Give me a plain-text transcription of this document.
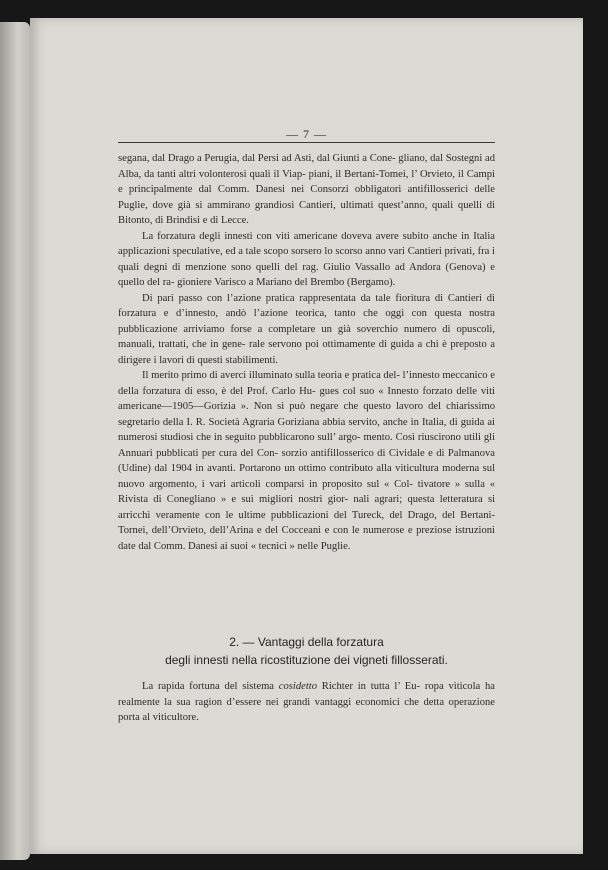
— 7 —

segana, dal Drago a Perugia, dal Persi ad Asti, dal Giunti a Cone- gliano, dal Sostegni ad Alba, da tanti altri volonterosi quali il Viap- piani, il Bertani-Tomei, l’ Orvieto, il Campi e principalmente dal Comm. Danesi nei Consorzi obbligatori antifillosserici delle Puglie, dove già si ammirano grandiosi Cantieri, ultimati quest’anno, quali quelli di Bitonto, di Brindisi e di Lecce.

La forzatura degli innesti con viti americane doveva avere subito anche in Italia applicazioni speculative, ed a tale scopo sorsero lo scorso anno vari Cantieri privati, fra i quali degni di menzione sono quelli del rag. Giulio Vassallo ad Andora (Genova) e quello del ra- gioniere Varisco a Mariano del Brembo (Bergamo).

Di pari passo con l’azione pratica rappresentata da tale fioritura di Cantieri di forzatura e d’innesto, andò l’azione teorica, tanto che oggi con questa nostra pubblicazione arriviamo forse a completare un già soverchio numero di opuscoli, manuali, trattati, che in gene- rale servono poi ottimamente di guida a chi è preposto a dirigere i lavori di questi stabilimenti.

Il merito primo di averci illuminato sulla teoria e pratica del- l’innesto meccanico e della forzatura di esso, è del Prof. Carlo Hu- gues col suo « Innesto forzato delle viti americane—1905—Gorizia ». Non si può negare che questo lavoro del chiarissimo segretario della I. R. Società Agraria Goriziana abbia servito, anche in Italia, di guida ai numerosi studiosi che in seguito pubblicarono sull’ argo- mento. Così riuscirono utili gli Annuari pubblicati per cura del Con- sorzio antifillosserico di Cividale e di Palmanova (Udine) dal 1904 in avanti. Portarono un ottimo contributo alla viticultura moderna sul nuovo argomento, i vari articoli comparsi in proposito sul « Col- tivatore » sulla « Rivista di Conegliano » e sui migliori nostri gior- nali agrari; questa letteratura si arricchì veramente con le ultime pubblicazioni del Tureck, del Drago, del Bertani-Tornei, dell’Orvieto, dell’Arina e del Cocceani e con le numerose e preziose istruzioni date dal Comm. Danesi ai suoi « tecnici » nelle Puglie.

2. — Vantaggi della forzatura
degli innesti nella ricostituzione dei vigneti fillosserati.

La rapida fortuna del sistema cosidetto Richter in tutta l’ Eu- ropa viticola ha realmente la sua ragion d’essere nei grandi vantaggi economici che detta operazione porta al viticultore.
